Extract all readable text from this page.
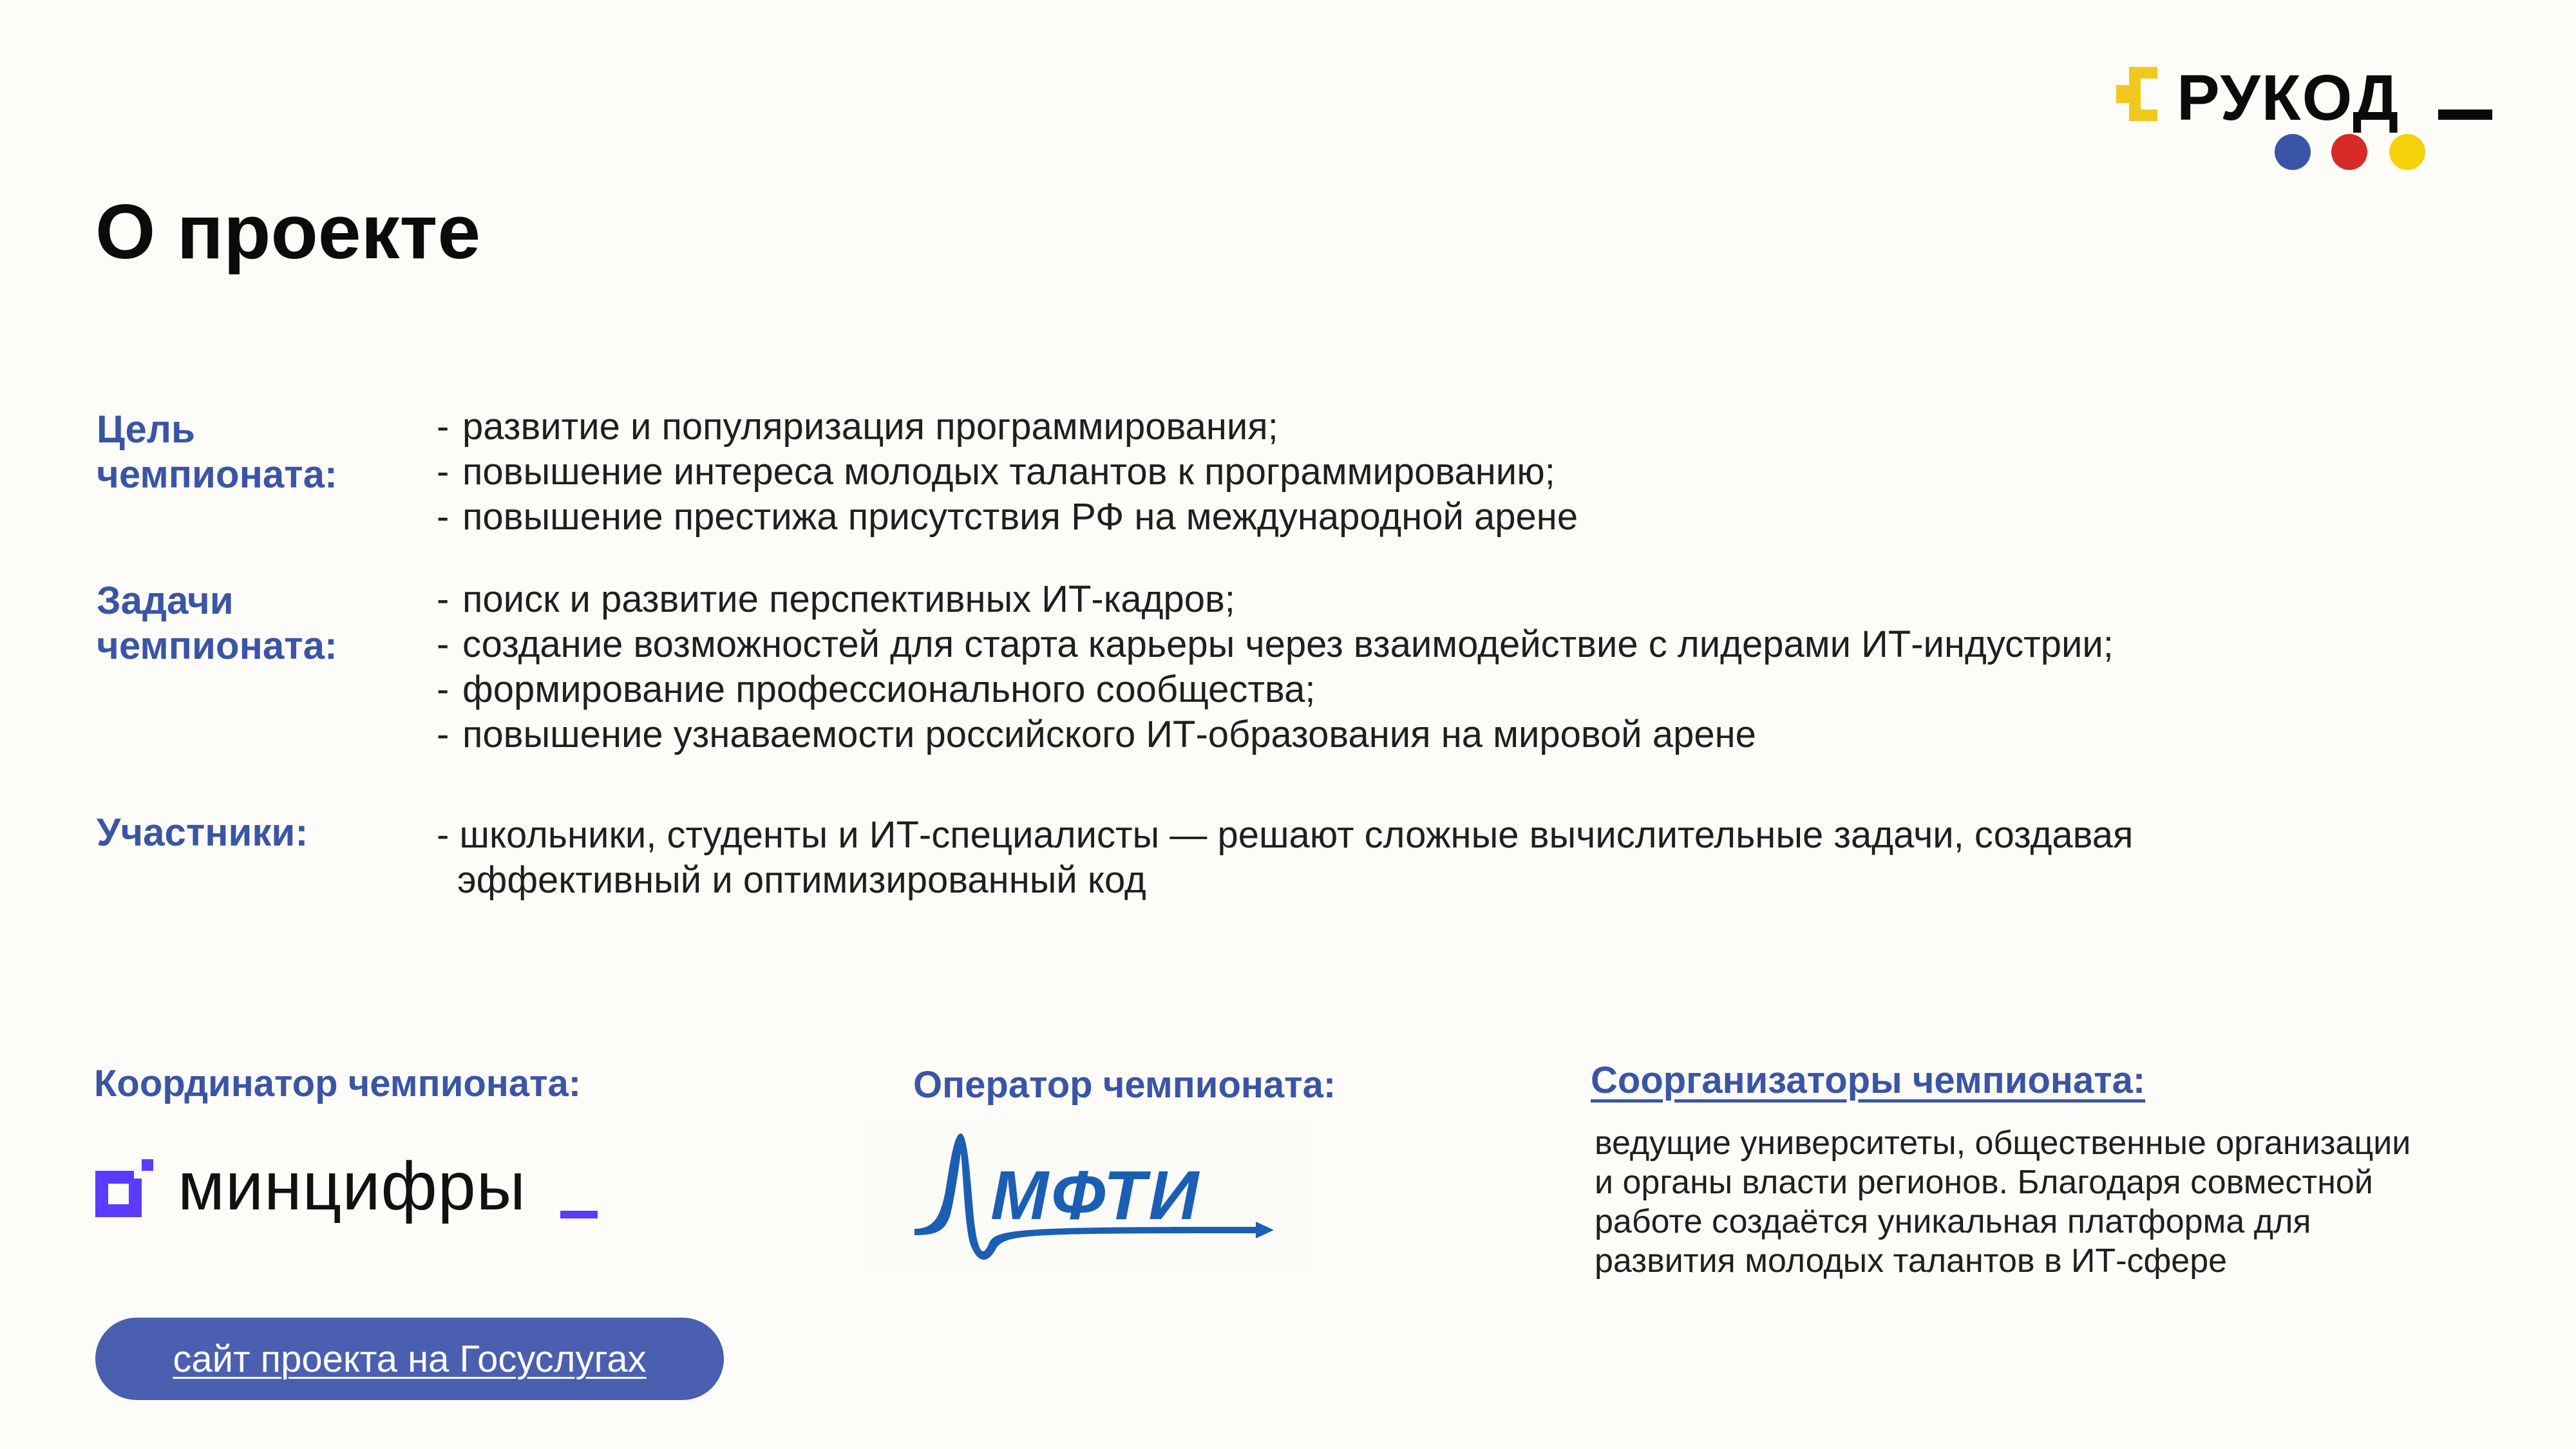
РУКОД
О проекте
Цель
чемпионата:
- развитие и популяризация программирования;
- повышение интереса молодых талантов к программированию;
- повышение престижа присутствия РФ на международной арене
Задачи
чемпионата:
- поиск и развитие перспективных ИТ-кадров;
- создание возможностей для старта карьеры через взаимодействие с лидерами ИТ-индустрии;
- формирование профессионального сообщества;
- повышение узнаваемости российского ИТ-образования на мировой арене
Участники:	- школьники, студенты и ИТ-специалисты — решают сложные вычислительные задачи, создавая
эффективный и оптимизированный код
Координатор чемпионата:
минцифры
Оператор чемпионата:
МФТИ
Соорганизаторы чемпионата:
ведущие университеты, общественные организации
и органы власти регионов. Благодаря совместной
работе создаётся уникальная платформа для
развития молодых талантов в ИТ-сфере
сайт проекта на Госуслугах
